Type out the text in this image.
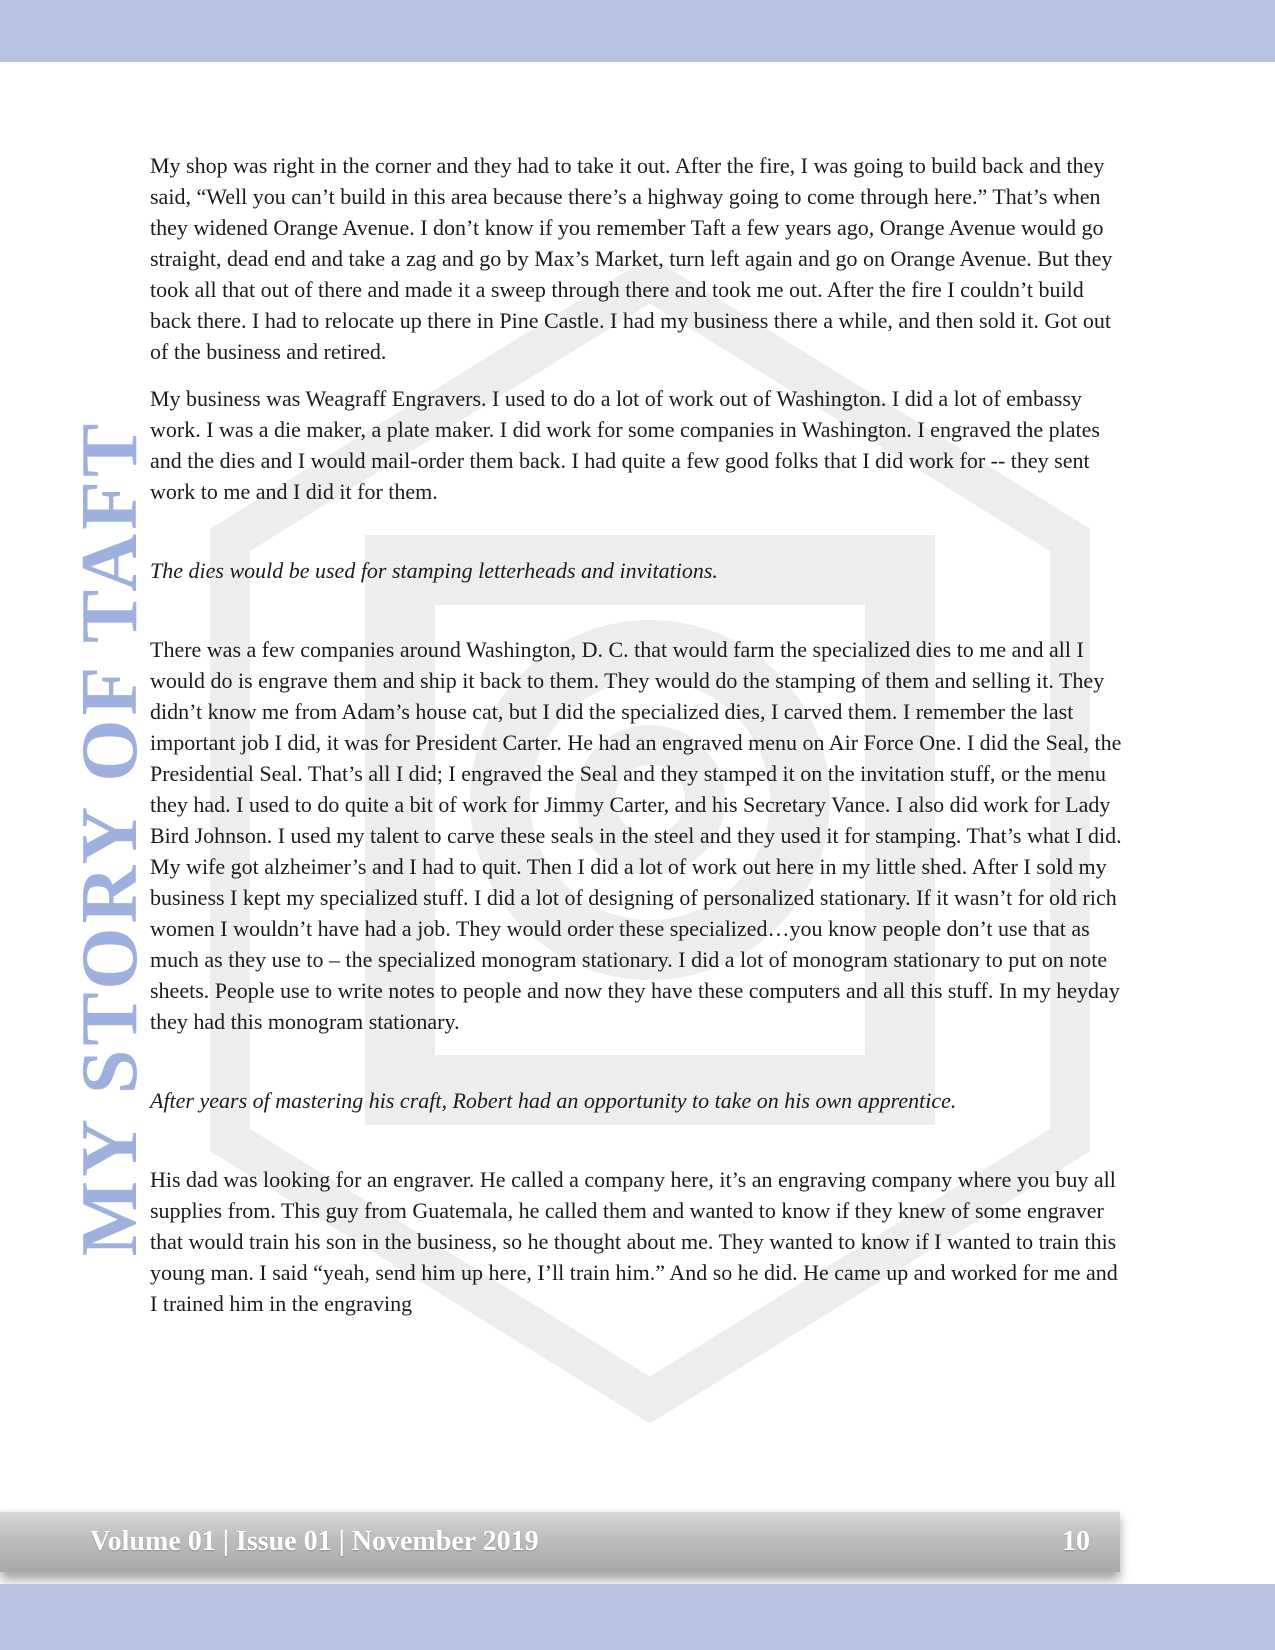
MY STORY OF TAFT

My shop was right in the corner and they had to take it out. After the fire, I was going to build back and they said, “Well you can’t build in this area because there’s a highway going to come through here.” That’s when they widened Orange Avenue. I don’t know if you remember Taft a few years ago, Orange Avenue would go straight, dead end and take a zag and go by Max’s Market, turn left again and go on Orange Avenue. But they took all that out of there and made it a sweep through there and took me out. After the fire I couldn’t build back there. I had to relocate up there in Pine Castle. I had my business there a while, and then sold it. Got out of the business and retired.

My business was Weagraff Engravers. I used to do a lot of work out of Washington. I did a lot of embassy work. I was a die maker, a plate maker. I did work for some companies in Washington. I engraved the plates and the dies and I would mail-order them back. I had quite a few good folks that I did work for -- they sent work to me and I did it for them.

The dies would be used for stamping letterheads and invitations.

There was a few companies around Washington, D. C. that would farm the specialized dies to me and all I would do is engrave them and ship it back to them. They would do the stamping of them and selling it. They didn’t know me from Adam’s house cat, but I did the specialized dies, I carved them. I remember the last important job I did, it was for President Carter. He had an engraved menu on Air Force One. I did the Seal, the Presidential Seal. That’s all I did; I engraved the Seal and they stamped it on the invitation stuff, or the menu they had. I used to do quite a bit of work for Jimmy Carter, and his Secretary Vance. I also did work for Lady Bird Johnson. I used my talent to carve these seals in the steel and they used it for stamping. That’s what I did. My wife got alzheimer’s and I had to quit. Then I did a lot of work out here in my little shed. After I sold my business I kept my specialized stuff. I did a lot of designing of personalized stationary. If it wasn’t for old rich women I wouldn’t have had a job. They would order these specialized…you know people don’t use that as much as they use to – the specialized monogram stationary. I did a lot of monogram stationary to put on note sheets. People use to write notes to people and now they have these computers and all this stuff. In my heyday they had this monogram stationary.

After years of mastering his craft, Robert had an opportunity to take on his own apprentice.

His dad was looking for an engraver. He called a company here, it’s an engraving company where you buy all supplies from. This guy from Guatemala, he called them and wanted to know if they knew of some engraver that would train his son in the business, so he thought about me. They wanted to know if I wanted to train this young man. I said “yeah, send him up here, I’ll train him.” And so he did. He came up and worked for me and I trained him in the engraving

Volume 01 | Issue 01 | November 2019	10
